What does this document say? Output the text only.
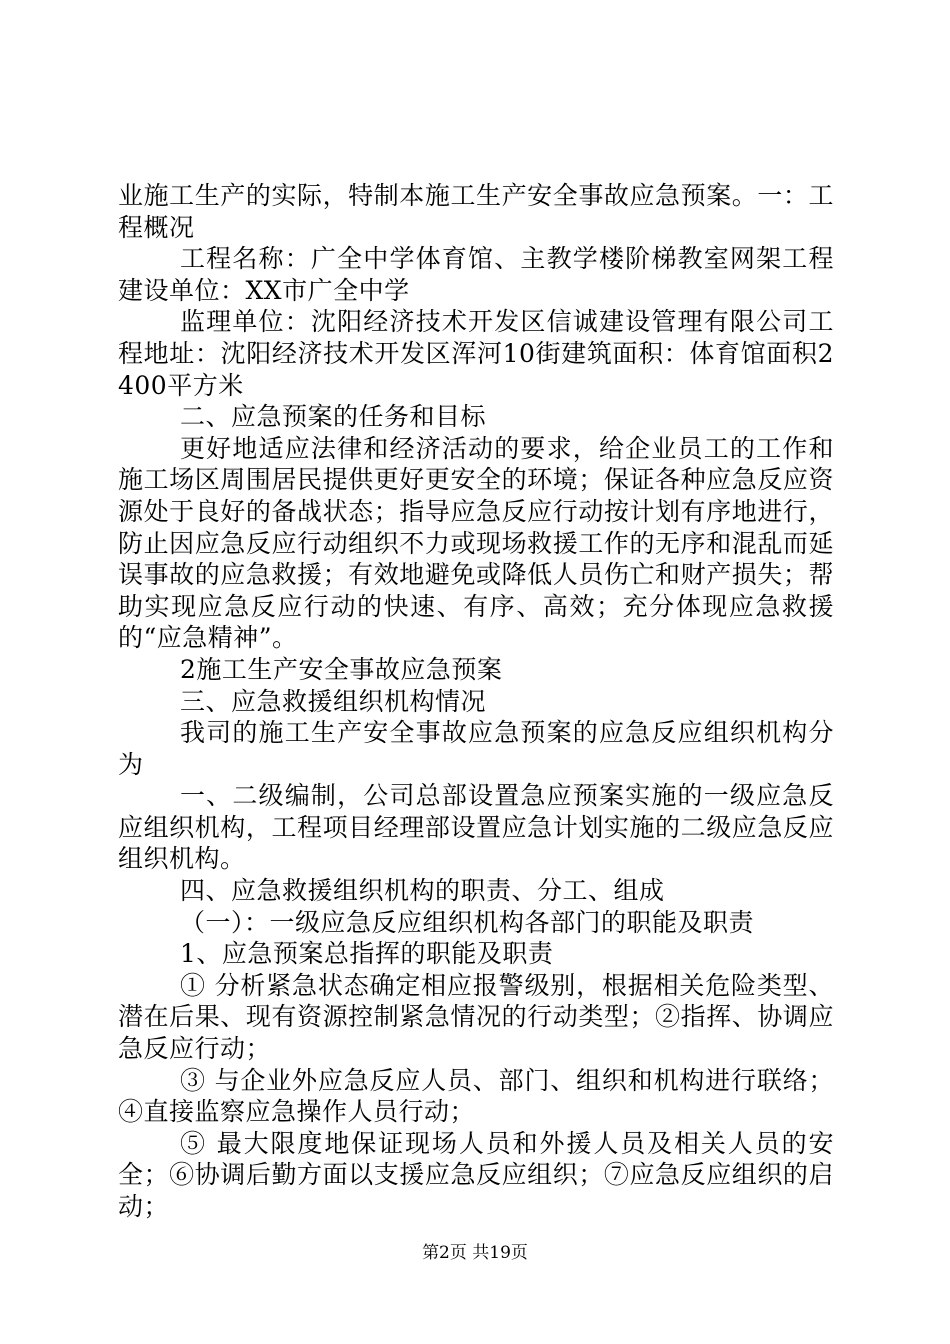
业施工生产的实际，特制本施工生产安全事故应急预案。一：工程概况

工程名称：广全中学体育馆、主教学楼阶梯教室网架工程建设单位：XX市广全中学

监理单位：沈阳经济技术开发区信诚建设管理有限公司工程地址：沈阳经济技术开发区浑河10街建筑面积：体育馆面积2400平方米

二、应急预案的任务和目标

更好地适应法律和经济活动的要求，给企业员工的工作和施工场区周围居民提供更好更安全的环境；保证各种应急反应资源处于良好的备战状态；指导应急反应行动按计划有序地进行，防止因应急反应行动组织不力或现场救援工作的无序和混乱而延误事故的应急救援；有效地避免或降低人员伤亡和财产损失；帮助实现应急反应行动的快速、有序、高效；充分体现应急救援的“应急精神”。

2施工生产安全事故应急预案

三、应急救援组织机构情况

我司的施工生产安全事故应急预案的应急反应组织机构分为

一、二级编制，公司总部设置急应预案实施的一级应急反应组织机构，工程项目经理部设置应急计划实施的二级应急反应组织机构。

四、应急救援组织机构的职责、分工、组成

（一）：一级应急反应组织机构各部门的职能及职责

1、应急预案总指挥的职能及职责

① 分析紧急状态确定相应报警级别，根据相关危险类型、潜在后果、现有资源控制紧急情况的行动类型；②指挥、协调应急反应行动；

③ 与企业外应急反应人员、部门、组织和机构进行联络；④直接监察应急操作人员行动；

⑤ 最大限度地保证现场人员和外援人员及相关人员的安全；⑥协调后勤方面以支援应急反应组织；⑦应急反应组织的启动；

第2页 共19页
